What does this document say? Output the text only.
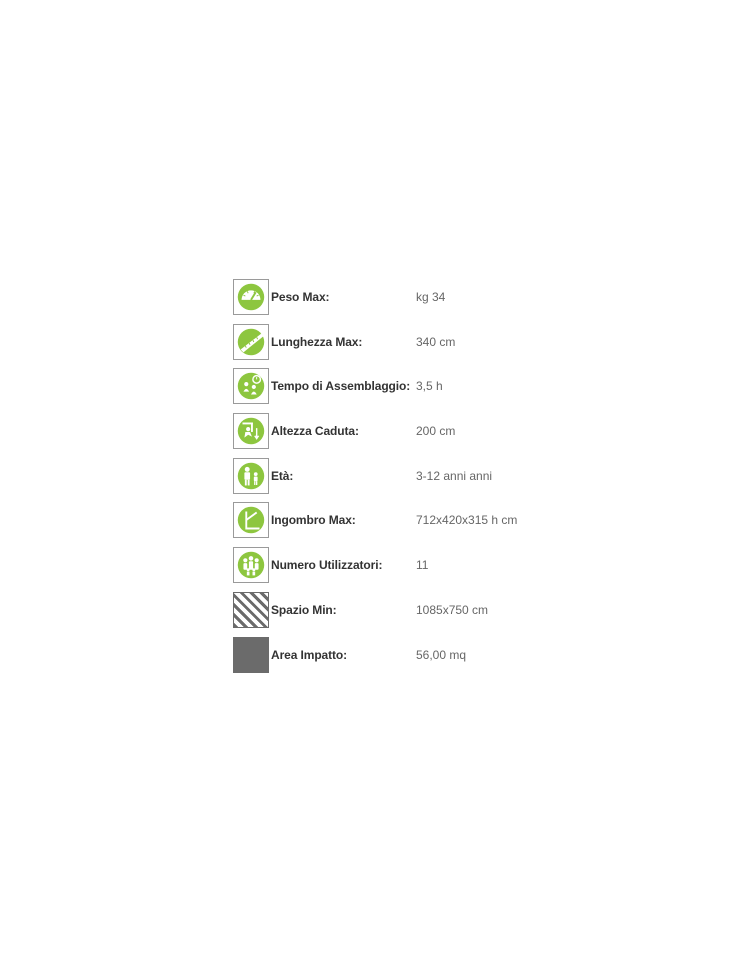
Peso Max:	kg 34
Lunghezza Max:	340 cm
Tempo di Assemblaggio: 3,5 h
Altezza Caduta:	200 cm
Età:	3-12 anni anni
Ingombro Max:	712x420x315 h cm
Numero Utilizzatori:	11
Spazio Min:	1085x750 cm
Area Impatto:	56,00 mq
